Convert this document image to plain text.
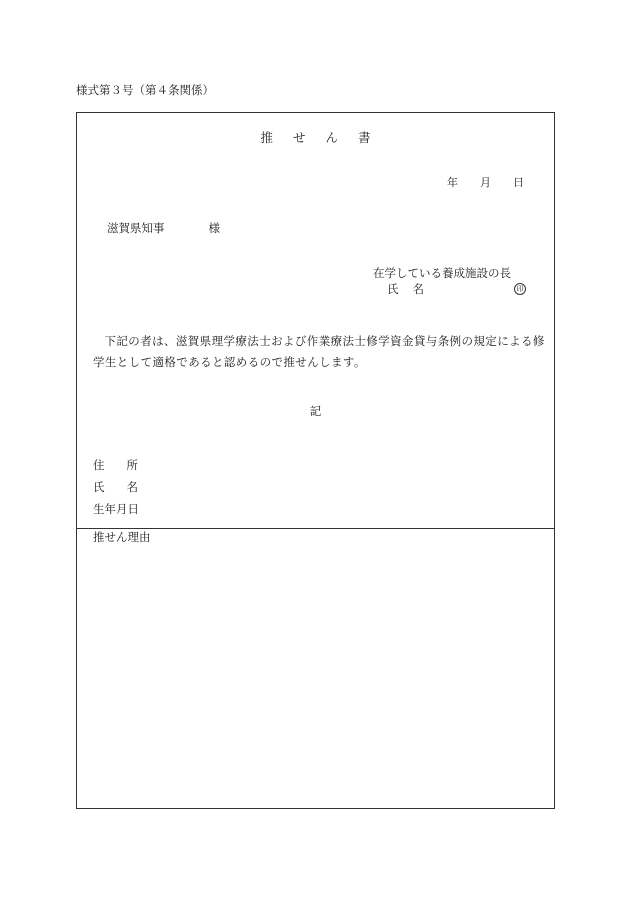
様式第３号（第４条関係）
推 せ ん 書
年 月 日
滋賀県知事	様
在学している養成施設の長
氏 名	印
下記の者は、滋賀県理学療法士および作業療法士修学資金貸与条例の規定による修学生として適格であると認めるので推せんします。
記
住 所
氏 名
生年月日
推せん理由
